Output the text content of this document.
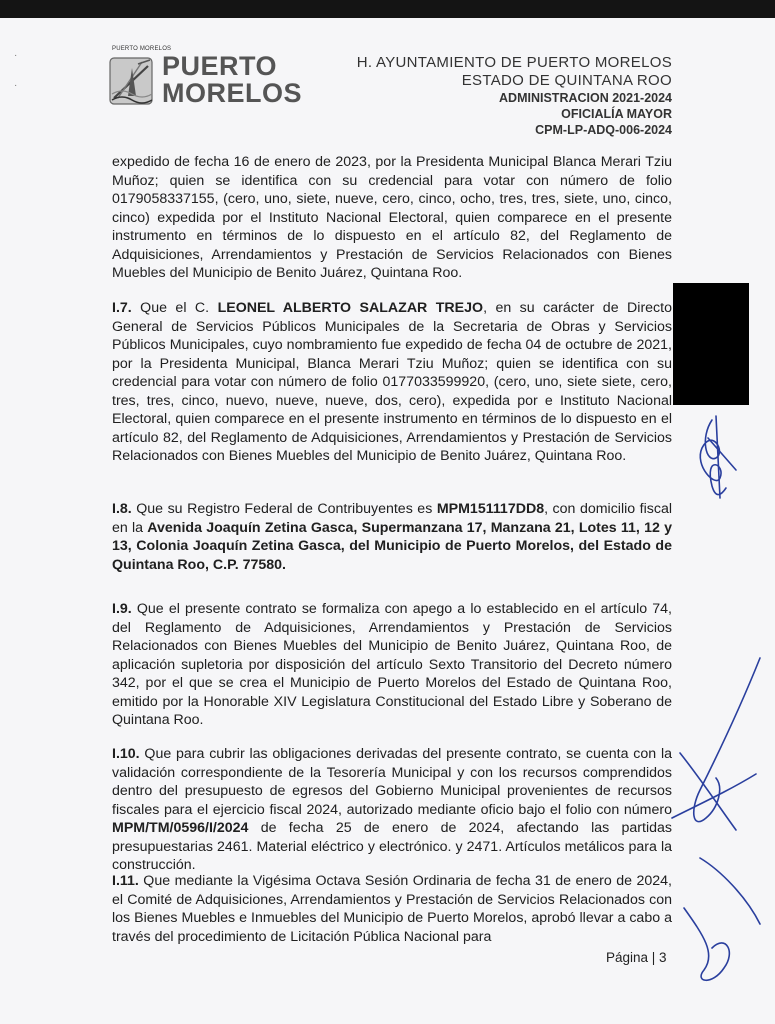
·
·
PUERTO MORELOS
PUERTO
MORELOS
H. AYUNTAMIENTO DE PUERTO MORELOS
ESTADO DE QUINTANA ROO
ADMINISTRACION 2021-2024
OFICIALÍA MAYOR
CPM-LP-ADQ-006-2024
expedido de fecha 16 de enero de 2023, por la Presidenta Municipal Blanca Merari Tziu Muñoz; quien se identifica con su credencial para votar con número de folio 0179058337155, (cero, uno, siete, nueve, cero, cinco, ocho, tres, tres, siete, uno, cinco, cinco) expedida por el Instituto Nacional Electoral, quien comparece en el presente instrumento en términos de lo dispuesto en el artículo 82, del Reglamento de Adquisiciones, Arrendamientos y Prestación de Servicios Relacionados con Bienes Muebles del Municipio de Benito Juárez, Quintana Roo.
I.7. Que el C. LEONEL ALBERTO SALAZAR TREJO, en su carácter de Directo General de Servicios Públicos Municipales de la Secretaria de Obras y Servicios Públicos Municipales, cuyo nombramiento fue expedido de fecha 04 de octubre de 2021, por la Presidenta Municipal, Blanca Merari Tziu Muñoz; quien se identifica con su credencial para votar con número de folio 0177033599920, (cero, uno, siete siete, cero, tres, tres, cinco, nuevo, nueve, nueve, dos, cero), expedida por e Instituto Nacional Electoral, quien comparece en el presente instrumento en términos de lo dispuesto en el artículo 82, del Reglamento de Adquisiciones, Arrendamientos y Prestación de Servicios Relacionados con Bienes Muebles del Municipio de Benito Juárez, Quintana Roo.
I.8. Que su Registro Federal de Contribuyentes es MPM151117DD8, con domicilio fiscal en la Avenida Joaquín Zetina Gasca, Supermanzana 17, Manzana 21, Lotes 11, 12 y 13, Colonia Joaquín Zetina Gasca, del Municipio de Puerto Morelos, del Estado de Quintana Roo, C.P. 77580.
I.9. Que el presente contrato se formaliza con apego a lo establecido en el artículo 74, del Reglamento de Adquisiciones, Arrendamientos y Prestación de Servicios Relacionados con Bienes Muebles del Municipio de Benito Juárez, Quintana Roo, de aplicación supletoria por disposición del artículo Sexto Transitorio del Decreto número 342, por el que se crea el Municipio de Puerto Morelos del Estado de Quintana Roo, emitido por la Honorable XIV Legislatura Constitucional del Estado Libre y Soberano de Quintana Roo.
I.10. Que para cubrir las obligaciones derivadas del presente contrato, se cuenta con la validación correspondiente de la Tesorería Municipal y con los recursos comprendidos dentro del presupuesto de egresos del Gobierno Municipal provenientes de recursos fiscales para el ejercicio fiscal 2024, autorizado mediante oficio bajo el folio con número MPM/TM/0596/I/2024 de fecha 25 de enero de 2024, afectando las partidas presupuestarias 2461. Material eléctrico y electrónico. y 2471. Artículos metálicos para la construcción.
I.11. Que mediante la Vigésima Octava Sesión Ordinaria de fecha 31 de enero de 2024, el Comité de Adquisiciones, Arrendamientos y Prestación de Servicios Relacionados con los Bienes Muebles e Inmuebles del Municipio de Puerto Morelos, aprobó llevar a cabo a través del procedimiento de Licitación Pública Nacional para
Página | 3
